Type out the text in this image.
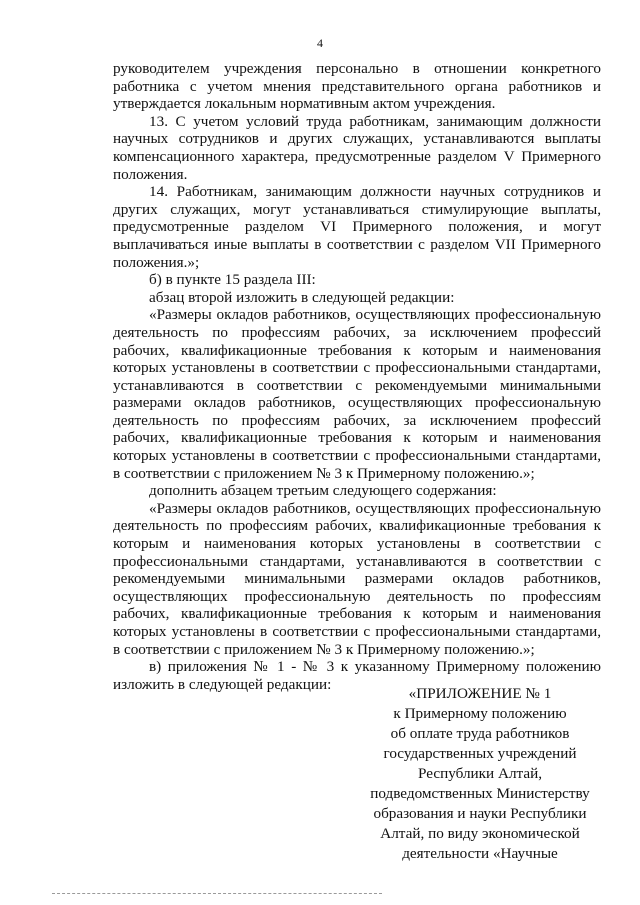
4

руководителем учреждения персонально в отношении конкретного работника с учетом мнения представительного органа работников и утверждается локальным нормативным актом учреждения.

13. С учетом условий труда работникам, занимающим должности научных сотрудников и других служащих, устанавливаются выплаты компенсационного характера, предусмотренные разделом V Примерного положения.

14. Работникам, занимающим должности научных сотрудников и других служащих, могут устанавливаться стимулирующие выплаты, предусмотренные разделом VI Примерного положения, и могут выплачиваться иные выплаты в соответствии с разделом VII Примерного положения.»;

б) в пункте 15 раздела III:

абзац второй изложить в следующей редакции:

«Размеры окладов работников, осуществляющих профессиональную деятельность по профессиям рабочих, за исключением профессий рабочих, квалификационные требования к которым и наименования которых установлены в соответствии с профессиональными стандартами, устанавливаются в соответствии с рекомендуемыми минимальными размерами окладов работников, осуществляющих профессиональную деятельность по профессиям рабочих, за исключением профессий рабочих, квалификационные требования к которым и наименования которых установлены в соответствии с профессиональными стандартами, в соответствии с приложением № 3 к Примерному положению.»;

дополнить абзацем третьим следующего содержания:

«Размеры окладов работников, осуществляющих профессиональную деятельность по профессиям рабочих, квалификационные требования к которым и наименования которых установлены в соответствии с профессиональными стандартами, устанавливаются в соответствии с рекомендуемыми минимальными размерами окладов работников, осуществляющих профессиональную деятельность по профессиям рабочих, квалификационные требования к которым и наименования которых установлены в соответствии с профессиональными стандартами, в соответствии с приложением № 3 к Примерному положению.»;

в) приложения № 1 - № 3 к указанному Примерному положению изложить в следующей редакции:

«ПРИЛОЖЕНИЕ № 1
к Примерному положению
об оплате труда работников
государственных учреждений
Республики Алтай,
подведомственных Министерству
образования и науки Республики
Алтай, по виду экономической
деятельности «Научные
